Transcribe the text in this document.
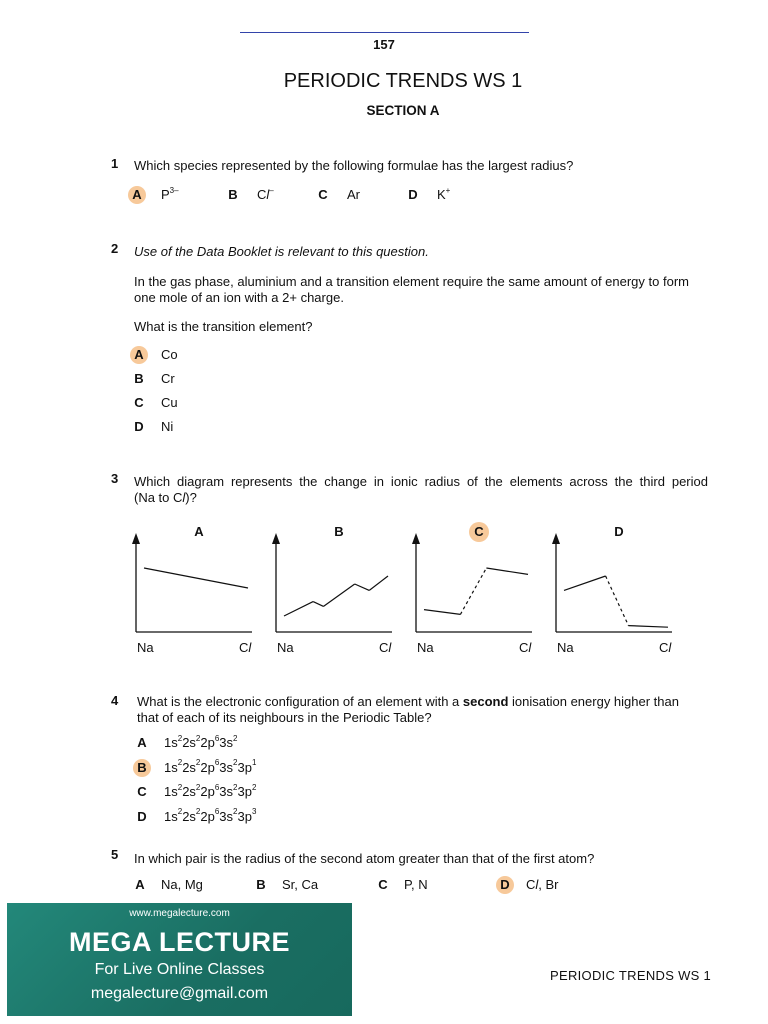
157
PERIODIC TRENDS WS 1
SECTION A
1 Which species represented by the following formulae has the largest radius?
A	$P^{3-}$	B	Cl–	C	Ar	D	K+
2 Use of the Data Booklet is relevant to this question.
In the gas phase, aluminium and a transition element require the same amount of energy to form one mole of an ion with a 2+ charge.
What is the transition element?
A	Co
B	Cr
C	Cu
D	Ni
3 Which diagram represents the change in ionic radius of the elements across the third period
(Na to Cl)?
A
Na	Cl
B
Na	Cl
C
Na	Cl
D
Na	Cl
4 What is the electronic configuration of an element with a second ionisation energy higher than
that of each of its neighbours in the Periodic Table?
A	$1s^22s^22p^63s^2$
B	$1s^22s^22p^63s^23p^1$
C	$1s^22s^22p^63s^23p^2$
D	$1s^22s^22p^63s^23p^3$
5 In which pair is the radius of the second atom greater than that of the first atom?
A	Na, Mg	B	Sr, Ca	C	P, N	D	Cl, Br
www.megalecture.com
MEGA LECTURE
For Live Online Classes
megalecture@gmail.com
PERIODIC TRENDS WS 1
